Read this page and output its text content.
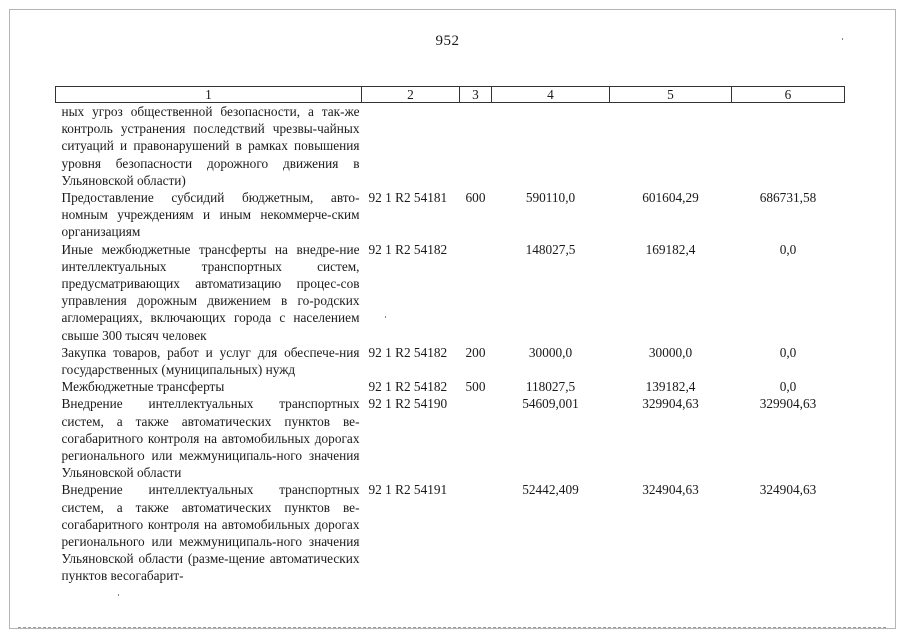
952
1	2	3	4	5	6
ных угроз общественной безопасности, а так-же контроль устранения последствий чрезвы-чайных ситуаций и правонарушений в рамках повышения уровня безопасности дорожного движения в Ульяновской области)					
Предоставление субсидий бюджетным, авто-номным учреждениям и иным некоммерче-ским организациям	92 1 R2 54181	600	590110,0	601604,29	686731,58
Иные межбюджетные трансферты на внедре-ние интеллектуальных транспортных систем, предусматривающих автоматизацию процес-сов управления дорожным движением в го-родских агломерациях, включающих города с населением свыше 300 тысяч человек	92 1 R2 54182		148027,5	169182,4	0,0
Закупка товаров, работ и услуг для обеспече-ния государственных (муниципальных) нужд	92 1 R2 54182	200	30000,0	30000,0	0,0
Межбюджетные трансферты	92 1 R2 54182	500	118027,5	139182,4	0,0
Внедрение интеллектуальных транспортных систем, а также автоматических пунктов ве-согабаритного контроля на автомобильных дорогах регионального или межмуниципаль-ного значения Ульяновской области	92 1 R2 54190		54609,001	329904,63	329904,63
Внедрение интеллектуальных транспортных систем, а также автоматических пунктов ве-согабаритного контроля на автомобильных дорогах регионального или межмуниципаль-ного значения Ульяновской области (разме-щение автоматических пунктов весогабарит-	92 1 R2 54191		52442,409	324904,63	324904,63
